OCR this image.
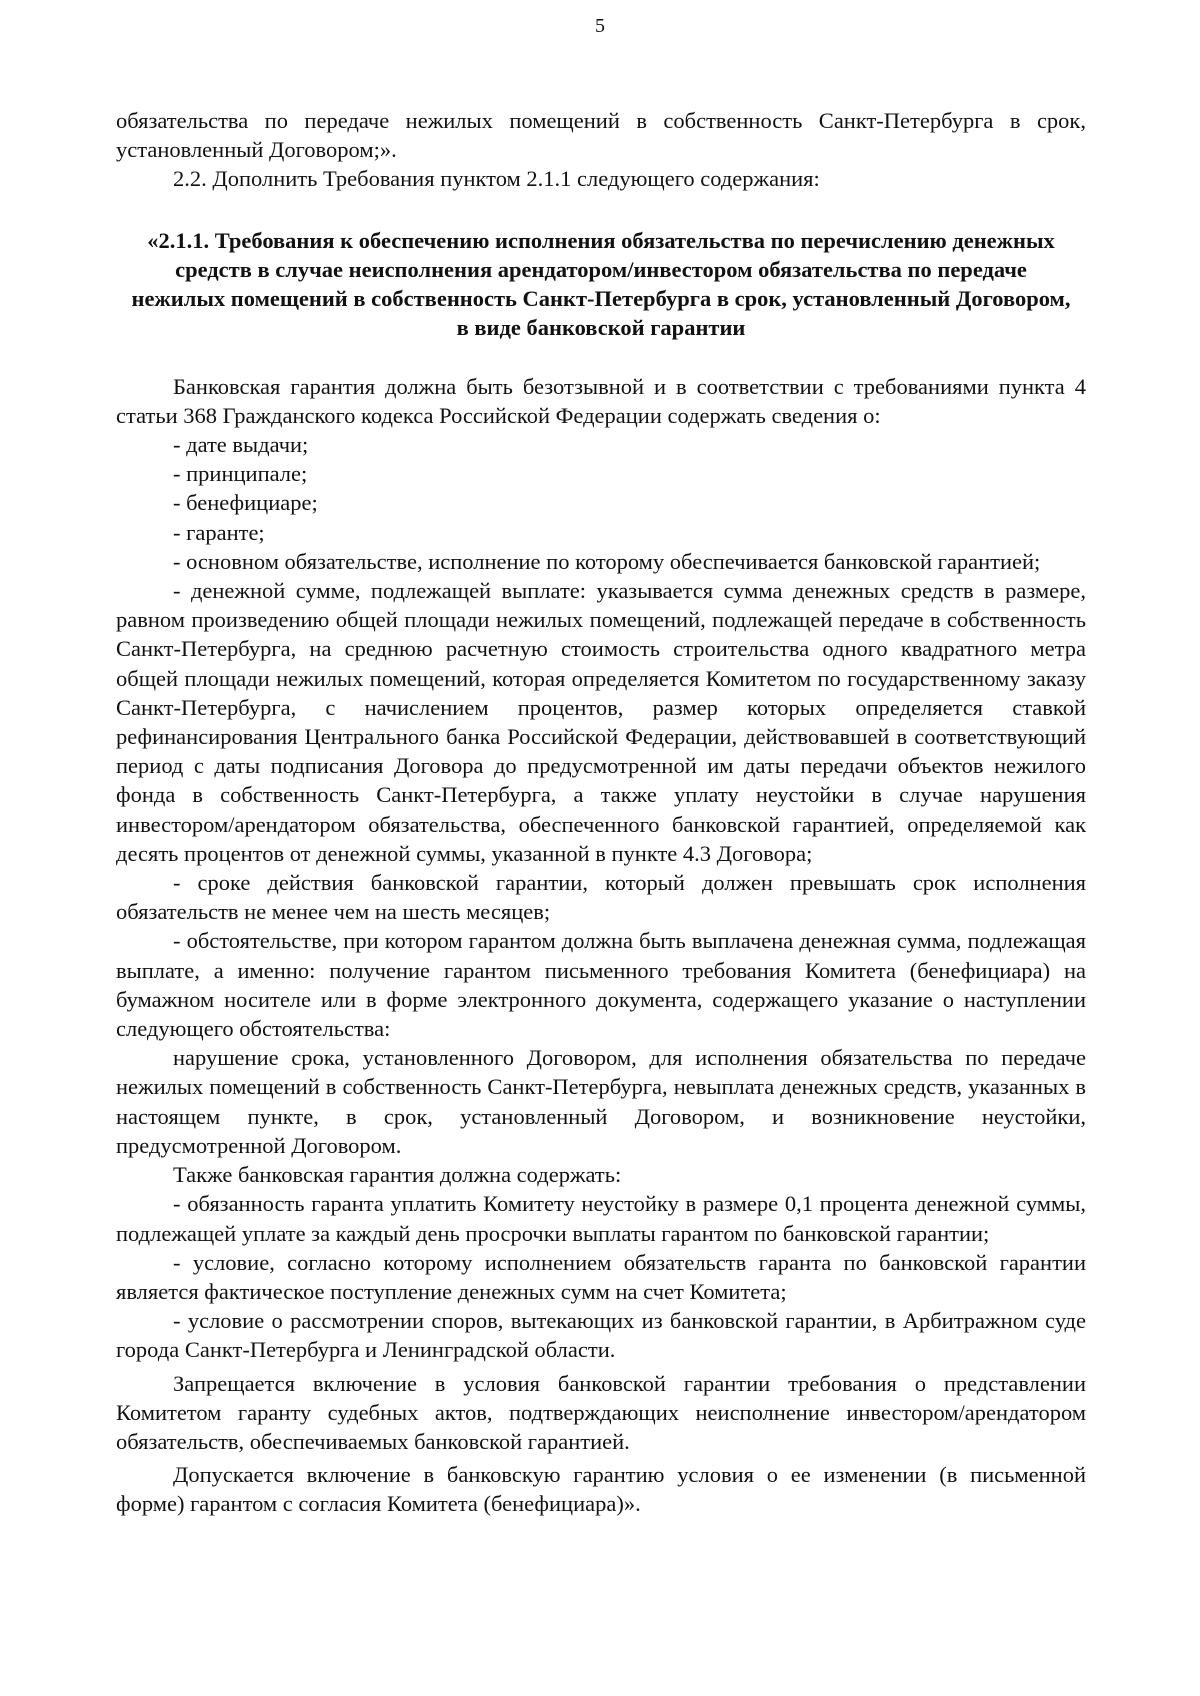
5

обязательства по передаче нежилых помещений в собственность Санкт-Петербурга в срок, установленный Договором;».

2.2. Дополнить Требования пунктом 2.1.1 следующего содержания:

«2.1.1. Требования к обеспечению исполнения обязательства по перечислению денежных средств в случае неисполнения арендатором/инвестором обязательства по передаче нежилых помещений в собственность Санкт-Петербурга в срок, установленный Договором, в виде банковской гарантии

Банковская гарантия должна быть безотзывной и в соответствии с требованиями пункта 4 статьи 368 Гражданского кодекса Российской Федерации содержать сведения о:

- дате выдачи;

- принципале;

- бенефициаре;

- гаранте;

- основном обязательстве, исполнение по которому обеспечивается банковской гарантией;

- денежной сумме, подлежащей выплате: указывается сумма денежных средств в размере, равном произведению общей площади нежилых помещений, подлежащей передаче в собственность Санкт-Петербурга, на среднюю расчетную стоимость строительства одного квадратного метра общей площади нежилых помещений, которая определяется Комитетом по государственному заказу Санкт-Петербурга, с начислением процентов, размер которых определяется ставкой рефинансирования Центрального банка Российской Федерации, действовавшей в соответствующий период с даты подписания Договора до предусмотренной им даты передачи объектов нежилого фонда в собственность Санкт-Петербурга, а также уплату неустойки в случае нарушения инвестором/арендатором обязательства, обеспеченного банковской гарантией, определяемой как десять процентов от денежной суммы, указанной в пункте 4.3 Договора;

- сроке действия банковской гарантии, который должен превышать срок исполнения обязательств не менее чем на шесть месяцев;

- обстоятельстве, при котором гарантом должна быть выплачена денежная сумма, подлежащая выплате, а именно: получение гарантом письменного требования Комитета (бенефициара) на бумажном носителе или в форме электронного документа, содержащего указание о наступлении следующего обстоятельства:

нарушение срока, установленного Договором, для исполнения обязательства по передаче нежилых помещений в собственность Санкт-Петербурга, невыплата денежных средств, указанных в настоящем пункте, в срок, установленный Договором, и возникновение неустойки, предусмотренной Договором.

Также банковская гарантия должна содержать:

- обязанность гаранта уплатить Комитету неустойку в размере 0,1 процента денежной суммы, подлежащей уплате за каждый день просрочки выплаты гарантом по банковской гарантии;

- условие, согласно которому исполнением обязательств гаранта по банковской гарантии является фактическое поступление денежных сумм на счет Комитета;

- условие о рассмотрении споров, вытекающих из банковской гарантии, в Арбитражном суде города Санкт-Петербурга и Ленинградской области.

Запрещается включение в условия банковской гарантии требования о представлении Комитетом гаранту судебных актов, подтверждающих неисполнение инвестором/арендатором обязательств, обеспечиваемых банковской гарантией.

Допускается включение в банковскую гарантию условия о ее изменении (в письменной форме) гарантом с согласия Комитета (бенефициара)».
